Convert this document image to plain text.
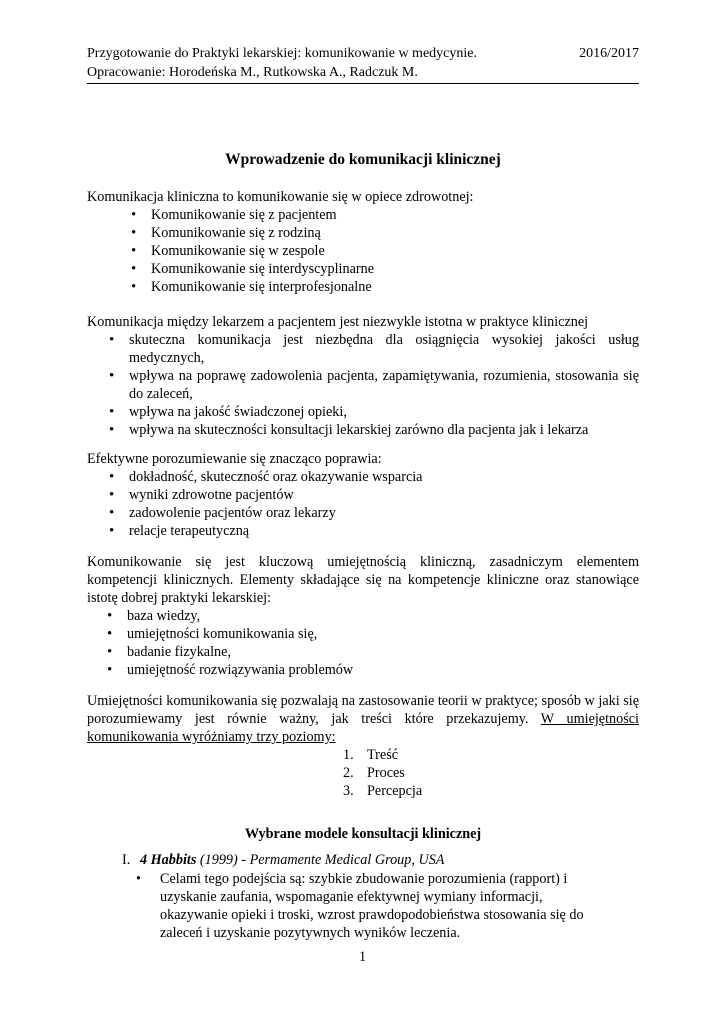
Przygotowanie do Praktyki lekarskiej: komunikowanie w medycynie.	2016/2017
Opracowanie: Horodeńska M., Rutkowska A., Radczuk M.
Wprowadzenie do komunikacji klinicznej

Komunikacja kliniczna to komunikowanie się w opiece zdrowotnej:

• Komunikowanie się z pacjentem
• Komunikowanie się z rodziną
• Komunikowanie się w zespole
• Komunikowanie się interdyscyplinarne
• Komunikowanie się interprofesjonalne

Komunikacja między lekarzem a pacjentem jest niezwykle istotna w praktyce klinicznej

• skuteczna komunikacja jest niezbędna dla osiągnięcia wysokiej jakości usług medycznych,
• wpływa na poprawę zadowolenia pacjenta, zapamiętywania, rozumienia, stosowania się do zaleceń,
• wpływa na jakość świadczonej opieki,
• wpływa na skuteczności konsultacji lekarskiej zarówno dla pacjenta jak i lekarza

Efektywne porozumiewanie się znacząco poprawia:

• dokładność, skuteczność oraz okazywanie wsparcia
• wyniki zdrowotne pacjentów
• zadowolenie pacjentów oraz lekarzy
• relacje terapeutyczną

Komunikowanie się jest kluczową umiejętnością kliniczną, zasadniczym elementem kompetencji klinicznych. Elementy składające się na kompetencje kliniczne oraz stanowiące istotę dobrej praktyki lekarskiej:

• baza wiedzy,
• umiejętności komunikowania się,
• badanie fizykalne,
• umiejętność rozwiązywania problemów

Umiejętności komunikowania się pozwalają na zastosowanie teorii w praktyce; sposób w jaki się porozumiewamy jest równie ważny, jak treści które przekazujemy. W umiejętności komunikowania wyróżniamy trzy poziomy:

1. Treść
2. Proces
3. Percepcja
Wybrane modele konsultacji klinicznej
I. 4 Habbits (1999) - Permamente Medical Group, USA
• Celami tego podejścia są: szybkie zbudowanie porozumienia (rapport) i uzyskanie zaufania, wspomaganie efektywnej wymiany informacji, okazywanie opieki i troski, wzrost prawdopodobieństwa stosowania się do zaleceń i uzyskanie pozytywnych wyników leczenia.
1
